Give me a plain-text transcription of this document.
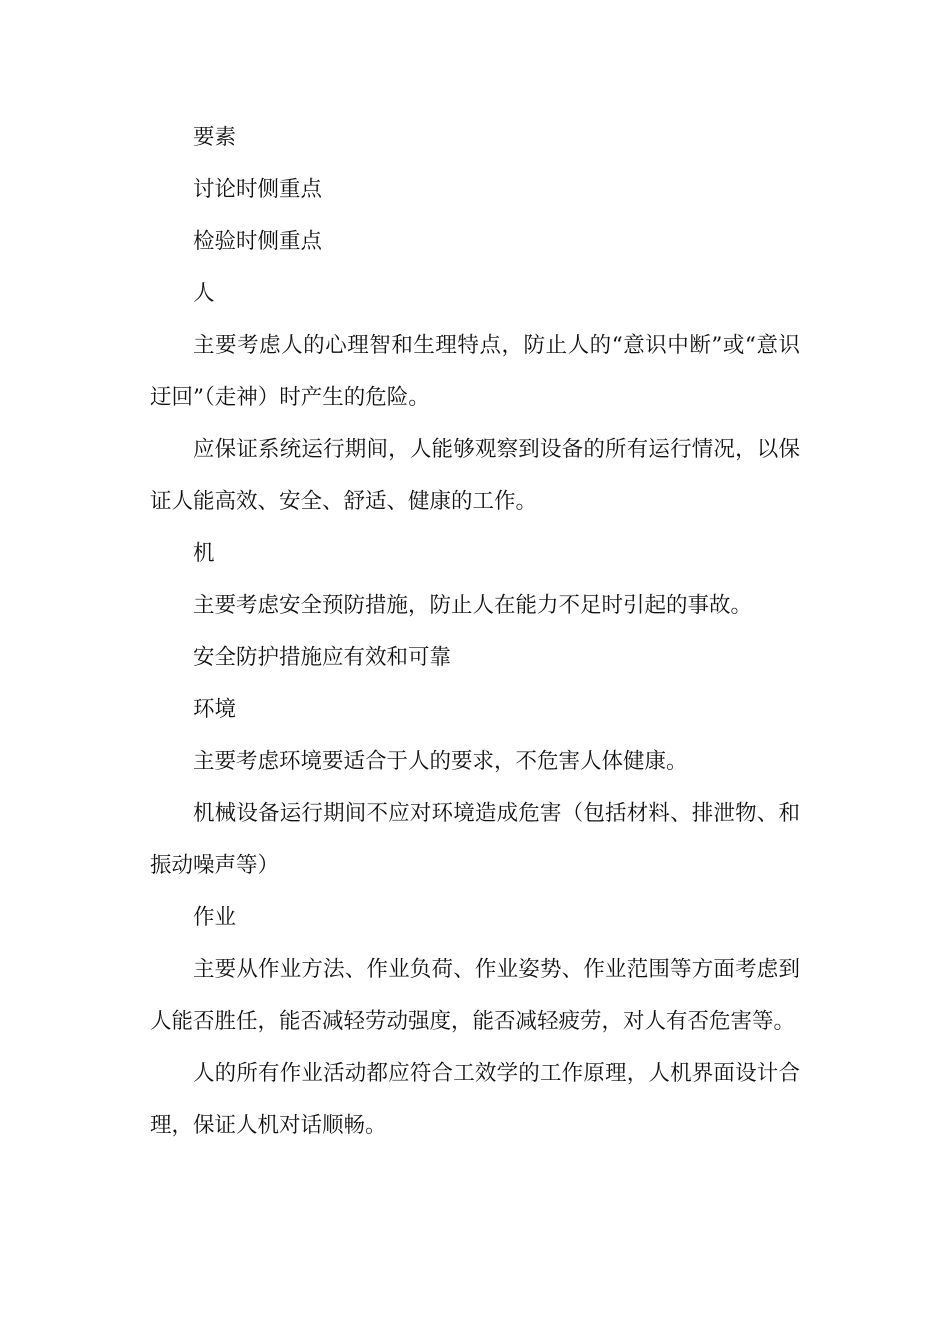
要素

讨论时侧重点

检验时侧重点

人

主要考虑人的心理智和生理特点，防止人的“意识中断”或“意识迂回”（走神）时产生的危险。

应保证系统运行期间，人能够观察到设备的所有运行情况，以保证人能高效、安全、舒适、健康的工作。

机

主要考虑安全预防措施，防止人在能力不足时引起的事故。

安全防护措施应有效和可靠

环境

主要考虑环境要适合于人的要求，不危害人体健康。

机械设备运行期间不应对环境造成危害（包括材料、排泄物、和振动噪声等）

作业

主要从作业方法、作业负荷、作业姿势、作业范围等方面考虑到人能否胜任，能否减轻劳动强度，能否减轻疲劳，对人有否危害等。

人的所有作业活动都应符合工效学的工作原理，人机界面设计合理，保证人机对话顺畅。
